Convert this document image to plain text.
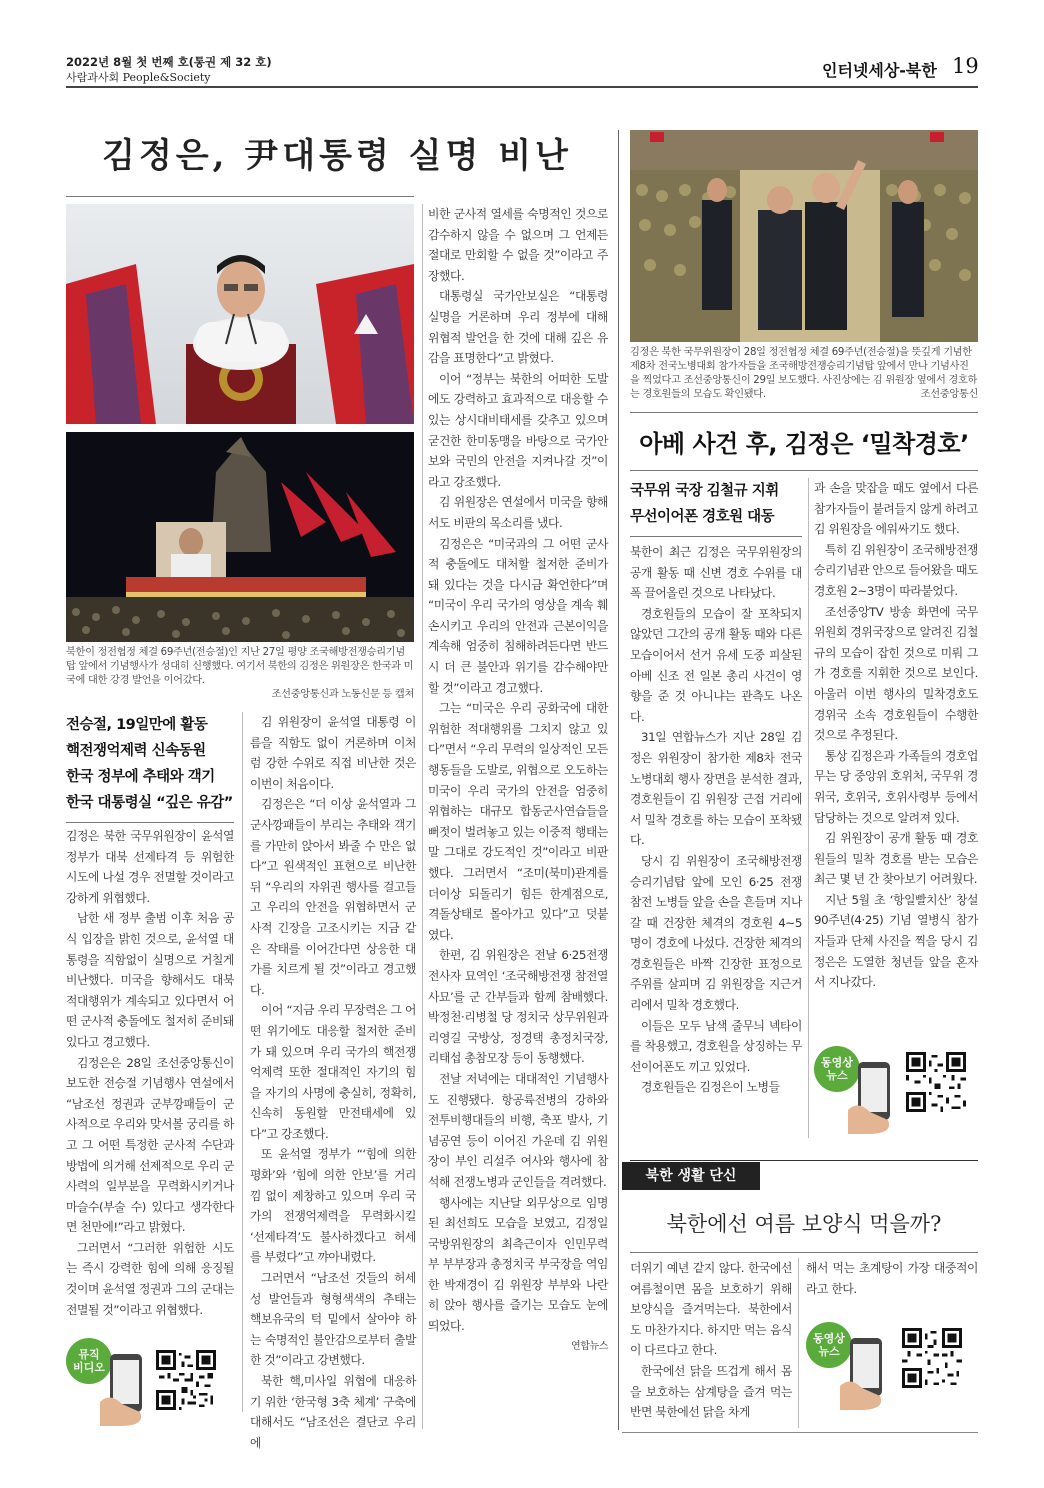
2022년 8월 첫 번째 호(통권 제 32 호)
사람과사회 People&Society	인터넷세상-북한 19
김정은, 尹대통령 실명 비난
북한이 정전협정 체결 69주년(전승절)인 지난 27일 평양 조국해방전쟁승리기념탑 앞에서 기념행사가 성대히 신행했다. 여기서 북한의 김정은 위원장은 한국과 미국에 대한 강경 발언을 이어갔다.
조선중앙통신과 노동신문 등 캡쳐
전승절, 19일만에 활동
핵전쟁억제력 신속동원
한국 정부에 추태와 객기
한국 대통령실 “깊은 유감”

김정은 북한 국무위원장이 윤석열 정부가 대북 선제타격 등 위험한 시도에 나설 경우 전멸할 것이라고 강하게 위협했다.

남한 새 정부 출범 이후 처음 공식 입장을 밝힌 것으로, 윤석열 대통령을 직함없이 실명으로 거칠게 비난했다. 미국을 향해서도 대북 적대행위가 계속되고 있다면서 어떤 군사적 충돌에도 철저히 준비돼 있다고 경고했다.

김정은은 28일 조선중앙통신이 보도한 전승절 기념행사 연설에서 “남조선 정권과 군부깡패들이 군사적으로 우리와 맞서볼 궁리를 하고 그 어떤 특정한 군사적 수단과 방법에 의거해 선제적으로 우리 군사력의 일부분을 무력화시키거나 마슬수(부술 수) 있다고 생각한다면 천만에!”라고 밝혔다.

그러면서 “그러한 위험한 시도는 즉시 강력한 힘에 의해 응징될 것이며 윤석열 정권과 그의 군대는 전멸될 것”이라고 위협했다.

뮤직 비디오

김 위원장이 윤석열 대통령 이름을 직함도 없이 거론하며 이처럼 강한 수위로 직접 비난한 것은 이번이 처음이다.

김정은은 “더 이상 윤석열과 그 군사깡패들이 부리는 추태와 객기를 가만히 앉아서 봐줄 수 만은 없다”고 원색적인 표현으로 비난한 뒤 “우리의 자위권 행사를 걸고들고 우리의 안전을 위협하면서 군사적 긴장을 고조시키는 지금 같은 작태를 이어간다면 상응한 대가를 치르게 될 것”이라고 경고했다.

이어 “지금 우리 무장력은 그 어떤 위기에도 대응할 철저한 준비가 돼 있으며 우리 국가의 핵전쟁억제력 또한 절대적인 자기의 힘을 자기의 사명에 충실히, 정확히, 신속히 동원할 만전태세에 있다”고 강조했다.

또 윤석열 정부가 “‘힘에 의한 평화’와 ‘힘에 의한 안보’를 거리낌 없이 제창하고 있으며 우리 국가의 전쟁억제력을 무력화시킬 ‘선제타격’도 불사하겠다고 허세를 부렸다”고 꺄아내렸다.

그러면서 “남조선 것들의 허세성 발언들과 형형색색의 추태는 핵보유국의 턱 밑에서 살아야 하는 숙명적인 불안감으로부터 출발한 것”이라고 강변했다.

북한 핵,미사일 위협에 대응하기 위한 ‘한국형 3축 체계’ 구축에 대해서도 “남조선은 결단코 우리에

비한 군사적 열세를 숙명적인 것으로 감수하지 않을 수 없으며 그 언제든 절대로 만회할 수 없을 것”이라고 주장했다.

대통령실 국가안보실은 “대통령 실명을 거론하며 우리 정부에 대해 위협적 발언을 한 것에 대해 깊은 유감을 표명한다”고 밝혔다.

이어 “정부는 북한의 어떠한 도발에도 강력하고 효과적으로 대응할 수 있는 상시대비태세를 갖추고 있으며 굳건한 한미동맹을 바탕으로 국가안보와 국민의 안전을 지켜나갈 것”이라고 강조했다.

김 위원장은 연설에서 미국을 향해서도 비판의 목소리를 냈다.

김정은은 “미국과의 그 어떤 군사적 충돌에도 대처할 철저한 준비가 돼 있다는 것을 다시금 확언한다”며 “미국이 우리 국가의 영상을 계속 훼손시키고 우리의 안전과 근본이익을 계속해 엄중히 침해하려든다면 반드시 더 큰 불안과 위기를 감수해야만 할 것”이라고 경고했다.

그는 “미국은 우리 공화국에 대한 위험한 적대행위를 그치지 않고 있다”면서 “우리 무력의 일상적인 모든 행동들을 도발로, 위협으로 오도하는 미국이 우리 국가의 안전을 엄중히 위협하는 대규모 합동군사연습들을 뻐젓이 벌려놓고 있는 이중적 행태는 말 그대로 강도적인 것”이라고 비판했다. 그러면서 “조미(북미)관계를 더이상 되돌리기 힘든 한계점으로, 격돌상태로 몰아가고 있다”고 덧붙였다.

한편, 김 위원장은 전날 6·25전쟁 전사자 묘역인 ‘조국해방전쟁 참전열사묘’를 군 간부들과 함께 참배했다. 박정천·리병철 당 정치국 상무위원과 리영길 국방상, 정경택 총정치국장, 리태섭 총참모장 등이 동행했다.

전날 저녁에는 대대적인 기념행사도 진행됐다. 항공륙전병의 강하와 전투비행대들의 비행, 축포 발사, 기념공연 등이 이어진 가운데 김 위원장이 부인 리설주 여사와 행사에 참석해 전쟁노병과 군인들을 격려했다.

행사에는 지난달 외무상으로 임명된 최선희도 모습을 보였고, 김정일 국방위원장의 최측근이자 인민무력부 부부장과 총정치국 부국장을 역임한 박재경이 김 위원장 부부와 나란히 앉아 행사를 즐기는 모습도 눈에 띄었다.

연합뉴스
김정은 북한 국무위원장이 28일 정전협정 체결 69주년(전승절)을 뜻깊게 기념한 제8차 전국노병대회 참가자들을 조국해방전쟁승리기념탑 앞에서 만나 기념사진을 찍었다고 조선중앙통신이 29일 보도했다. 사진상에는 김 위원장 옆에서 경호하는 경호원들의 모습도 확인됐다.	조선중앙통신
아베 사건 후, 김정은 ‘밀착경호’
국무위 국장 김철규 지휘
무선이어폰 경호원 대동

북한이 최근 김정은 국무위원장의 공개 활동 때 신변 경호 수위를 대폭 끌어올린 것으로 나타났다.

경호원들의 모습이 잘 포착되지 않았던 그간의 공개 활동 때와 다른 모습이어서 선거 유세 도중 피살된 아베 신조 전 일본 총리 사건이 영향을 준 것 아니냐는 관측도 나온다.

31일 연합뉴스가 지난 28일 김정은 위원장이 참가한 제8차 전국노병대회 행사 장면을 분석한 결과, 경호원들이 김 위원장 근접 거리에서 밀착 경호를 하는 모습이 포착됐다.

당시 김 위원장이 조국해방전쟁승리기념탑 앞에 모인 6·25 전쟁 참전 노병들 앞을 손을 흔들며 지나갈 때 건장한 체격의 경호원 4~5명이 경호에 나섰다. 건장한 체격의 경호원들은 바짝 긴장한 표정으로 주위를 살피며 김 위원장을 지근거리에서 밀착 경호했다.

이들은 모두 남색 줄무늬 넥타이를 착용했고, 경호원을 상징하는 무선이어폰도 끼고 있었다.

경호원들은 김정은이 노병들

과 손을 맞잡을 때도 옆에서 다른 참가자들이 붙려들지 않게 하려고 김 위원장을 에워싸기도 했다.

특히 김 위원장이 조국해방전쟁승리기념관 안으로 들어왔을 때도 경호원 2~3명이 따라붙었다.

조선중앙TV 방송 화면에 국무위원회 경위국장으로 알려진 김철규의 모습이 잡힌 것으로 미뤄 그가 경호를 지휘한 것으로 보인다. 아울러 이번 행사의 밀착경호도 경위국 소속 경호원들이 수행한 것으로 추정된다.

통상 김정은과 가족들의 경호업무는 당 중앙위 호위처, 국무위 경위국, 호위국, 호위사령부 등에서 담당하는 것으로 알려져 있다.

김 위원장이 공개 활동 때 경호원들의 밀착 경호를 받는 모습은 최근 몇 년 간 찾아보기 어려웠다.

지난 5월 초 ‘항일빨치산’ 창설 90주년(4·25) 기념 열병식 참가자들과 단체 사진을 찍을 당시 김정은은 도열한 청년들 앞을 혼자서 지나갔다.

동영상 뉴스
북한 생활 단신
북한에선 여름 보양식 먹을까?

더위기 예년 같지 않다. 한국에선 여름철이면 몸을 보호하기 위해 보양식을 즐겨먹는다. 북한에서도 마찬가지다. 하지만 먹는 음식이 다르다고 한다.

한국에선 닭을 뜨겁게 해서 몸을 보호하는 삼계탕을 즐겨 먹는 반면 북한에선 닭을 차게

해서 먹는 초계탕이 가장 대중적이라고 한다.

동영상 뉴스
